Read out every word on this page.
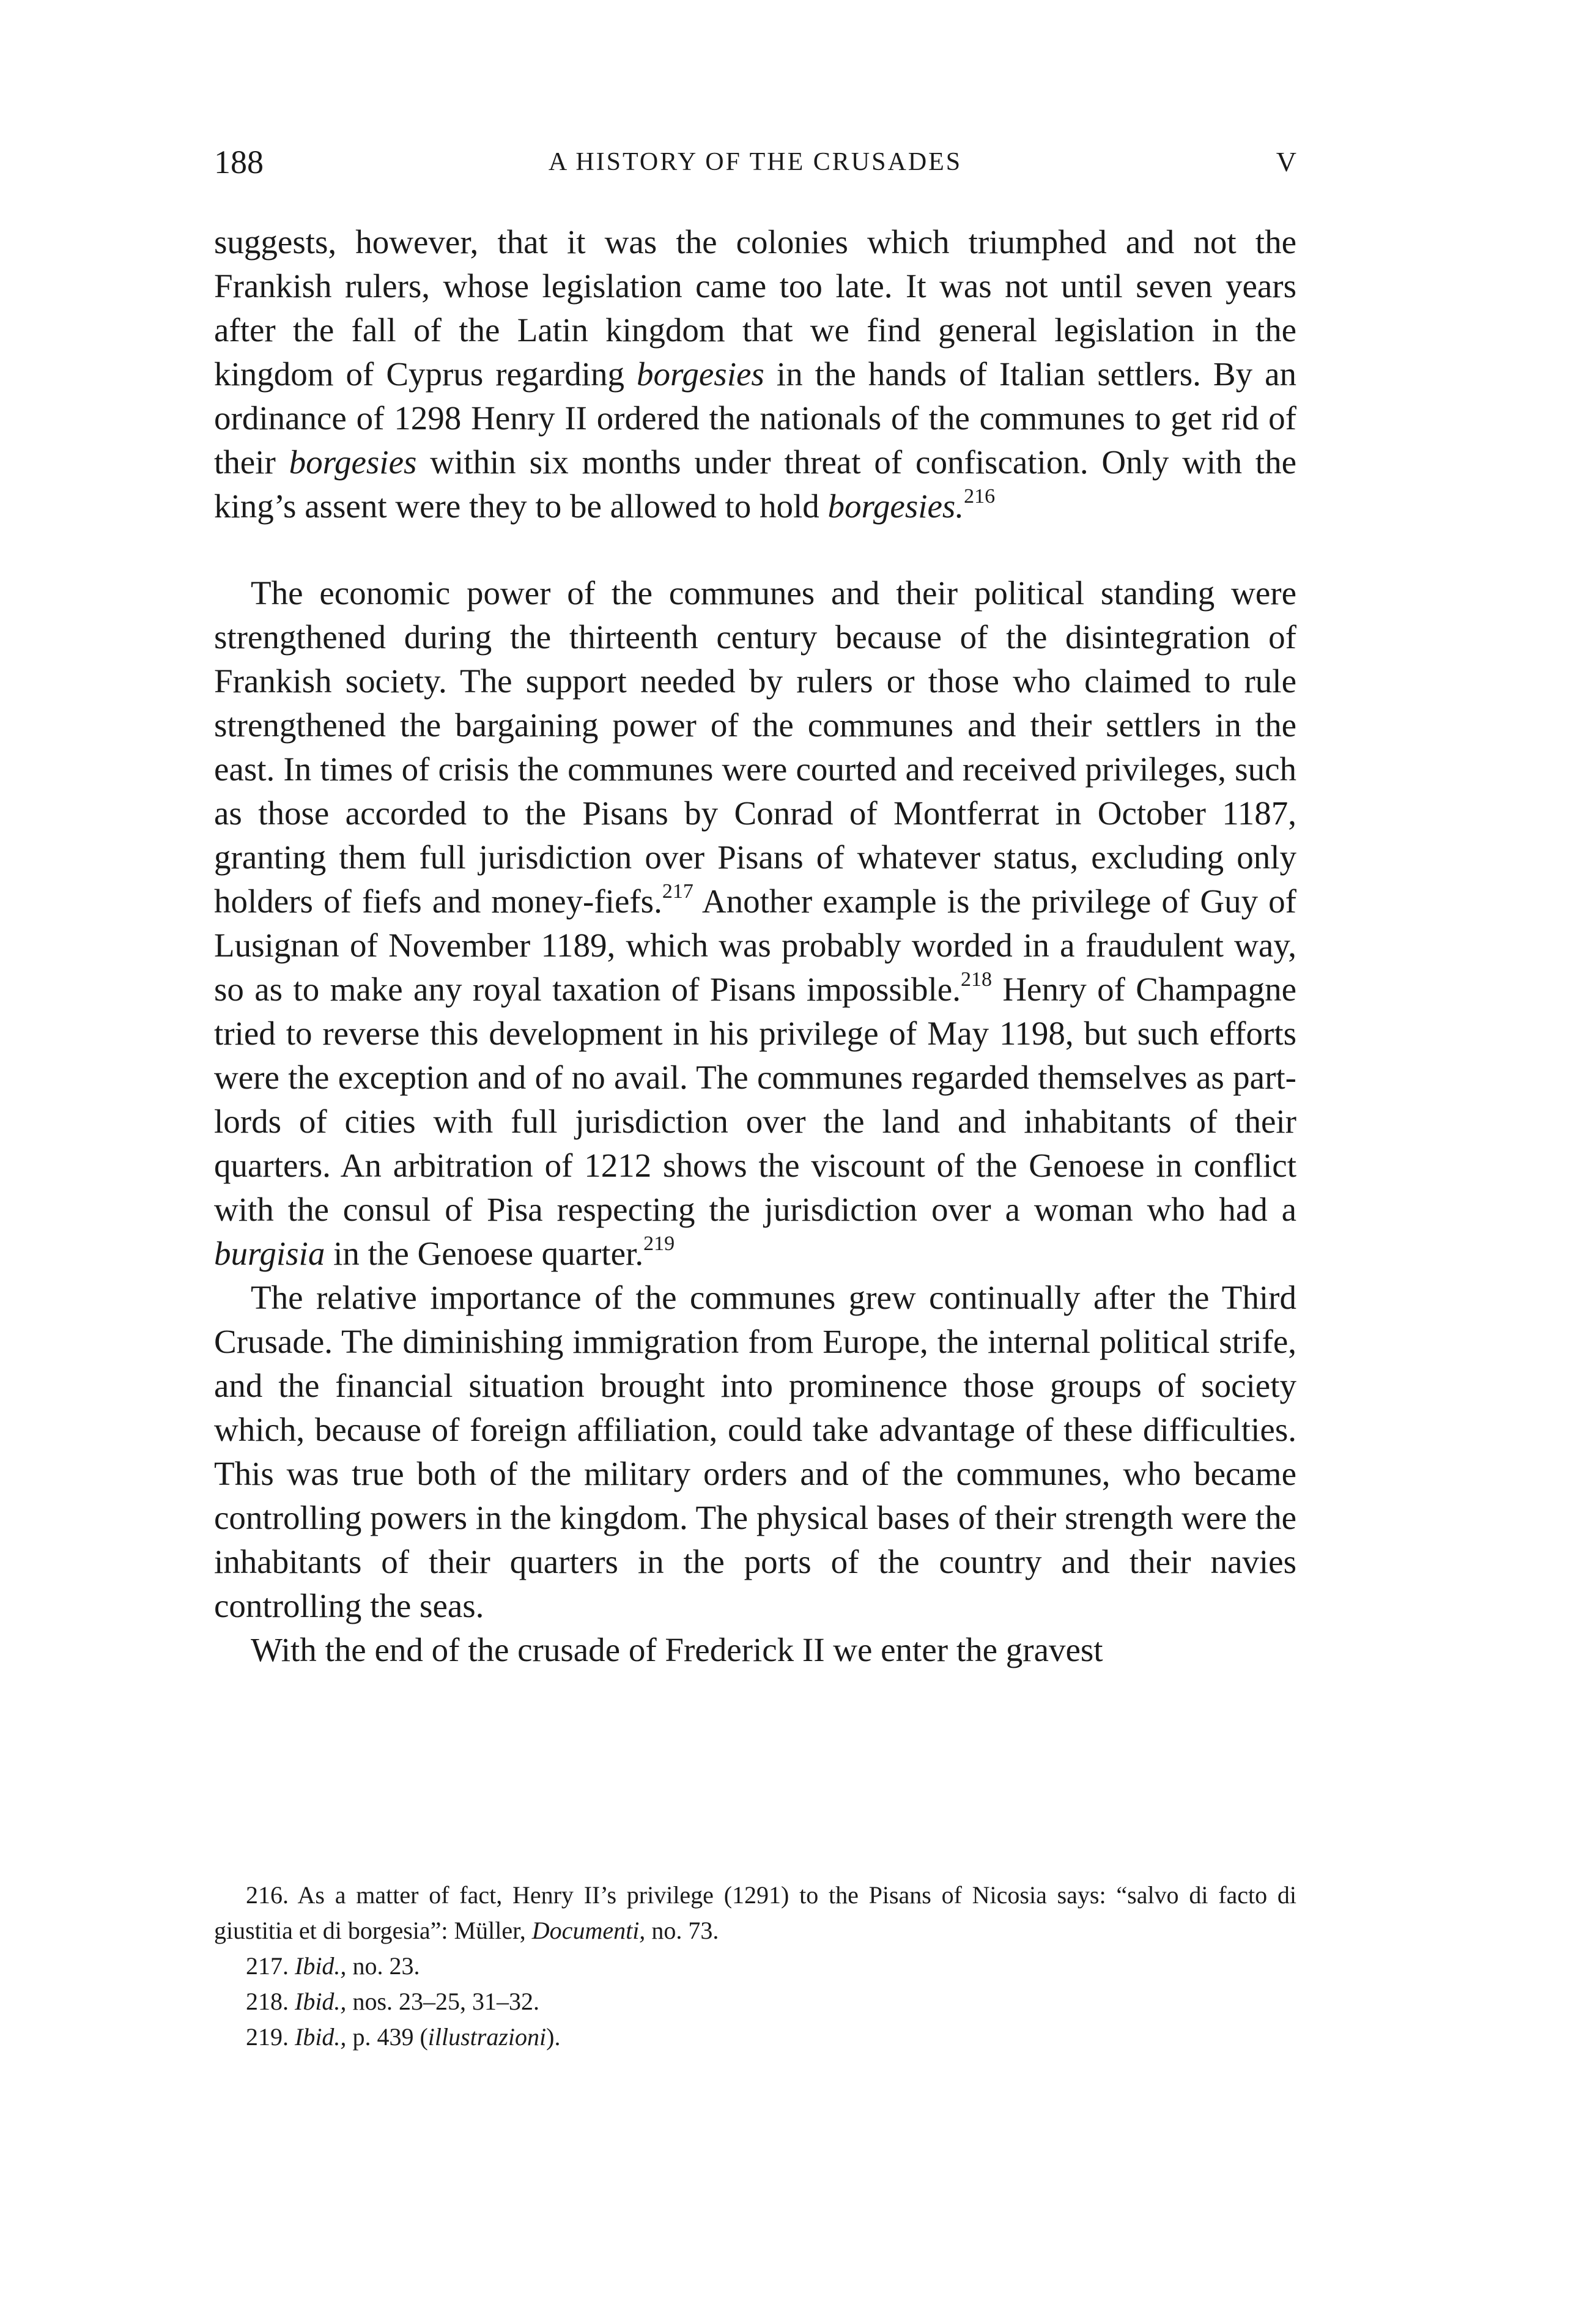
188	A HISTORY OF THE CRUSADES	V

suggests, however, that it was the colonies which triumphed and not the Frankish rulers, whose legislation came too late. It was not until seven years after the fall of the Latin kingdom that we find general legislation in the kingdom of Cyprus regarding borgesies in the hands of Italian settlers. By an ordinance of 1298 Henry II ordered the nationals of the communes to get rid of their borgesies within six months under threat of confiscation. Only with the king’s assent were they to be allowed to hold borgesies.$^{216}$

The economic power of the communes and their political standing were strengthened during the thirteenth century because of the disintegration of Frankish society. The support needed by rulers or those who claimed to rule strengthened the bargaining power of the communes and their settlers in the east. In times of crisis the communes were courted and received privileges, such as those accorded to the Pisans by Conrad of Montferrat in October 1187, granting them full jurisdiction over Pisans of whatever status, excluding only holders of fiefs and money-fiefs.$^{217}$ Another example is the privilege of Guy of Lusignan of November 1189, which was probably worded in a fraudulent way, so as to make any royal taxation of Pisans impossible.$^{218}$ Henry of Champagne tried to reverse this development in his privilege of May 1198, but such efforts were the exception and of no avail. The communes regarded themselves as part-lords of cities with full jurisdiction over the land and inhabitants of their quarters. An arbitration of 1212 shows the viscount of the Genoese in conflict with the consul of Pisa respecting the jurisdiction over a woman who had a burgisia in the Genoese quarter.$^{219}$

The relative importance of the communes grew continually after the Third Crusade. The diminishing immigration from Europe, the internal political strife, and the financial situation brought into prominence those groups of society which, because of foreign affiliation, could take advantage of these difficulties. This was true both of the military orders and of the communes, who became controlling powers in the kingdom. The physical bases of their strength were the inhabitants of their quarters in the ports of the country and their navies controlling the seas.

With the end of the crusade of Frederick II we enter the gravest

216. As a matter of fact, Henry II’s privilege (1291) to the Pisans of Nicosia says: “salvo di facto di giustitia et di borgesia”: Müller, Documenti, no. 73.

217. Ibid., no. 23.

218. Ibid., nos. 23–25, 31–32.

219. Ibid., p. 439 (illustrazioni).
